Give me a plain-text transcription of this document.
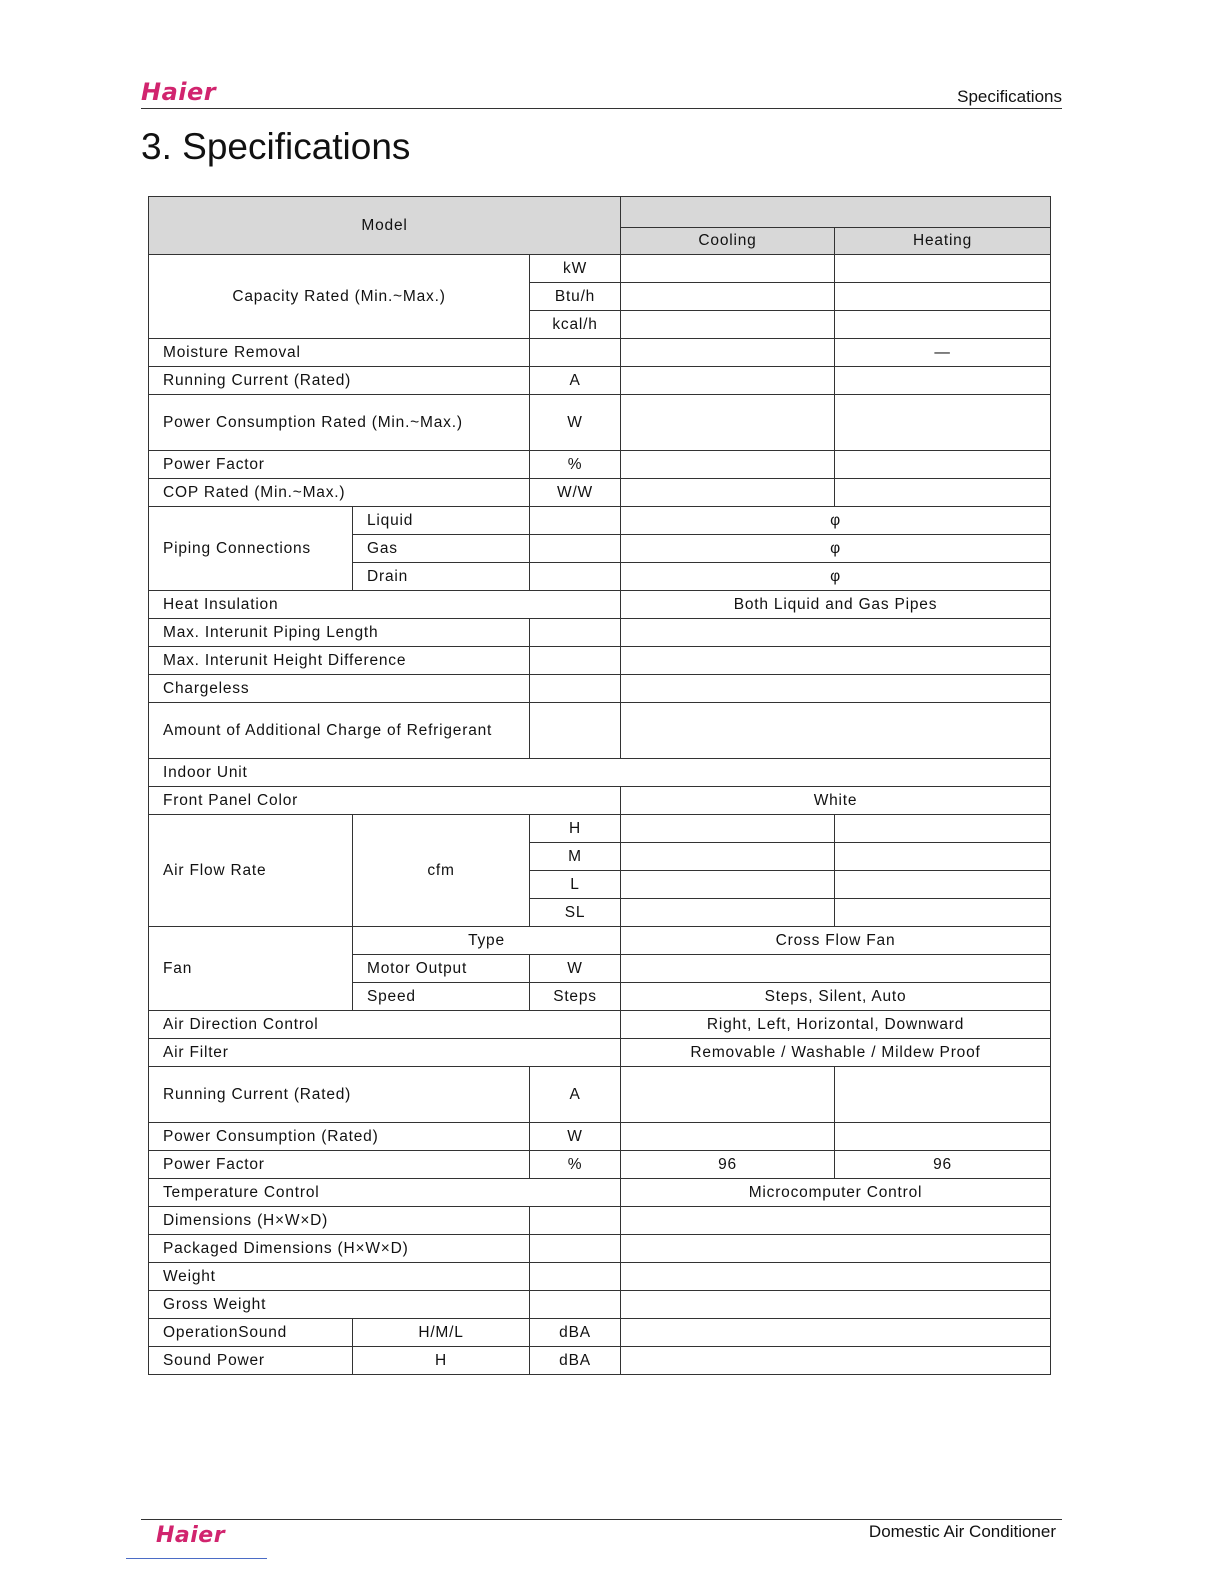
Haier	Specifications
3. Specifications
Model				
			Cooling	Heating
Capacity Rated (Min.~Max.)		kW		
		Btu/h		
		kcal/h		
Moisture Removal				—
Running Current (Rated)		A		
Power Consumption Rated (Min.~Max.)		W		
Power Factor		%		
COP Rated (Min.~Max.)		W/W		
Piping Connections	Liquid		φ	
	Gas		φ	
	Drain		φ	
Heat Insulation			Both Liquid and Gas Pipes	
Max. Interunit Piping Length				
Max. Interunit Height Difference				
Chargeless				
Amount of Additional Charge of Refrigerant				
Indoor Unit				
Front Panel Color			White	
Air Flow Rate	cfm	H		
		M		
		L		
		SL		
Fan	Type		Cross Flow Fan	
	Motor Output	W		
	Speed	Steps	Steps, Silent, Auto	
Air Direction Control			Right, Left, Horizontal, Downward	
Air Filter			Removable / Washable / Mildew Proof	
Running Current (Rated)		A		
Power Consumption (Rated)		W		
Power Factor		%	96	96
Temperature Control			Microcomputer Control	
Dimensions (H×W×D)				
Packaged Dimensions (H×W×D)				
Weight				
Gross Weight				
OperationSound	H/M/L	dBA		
Sound Power	H	dBA		
Haier	Domestic Air Conditioner
